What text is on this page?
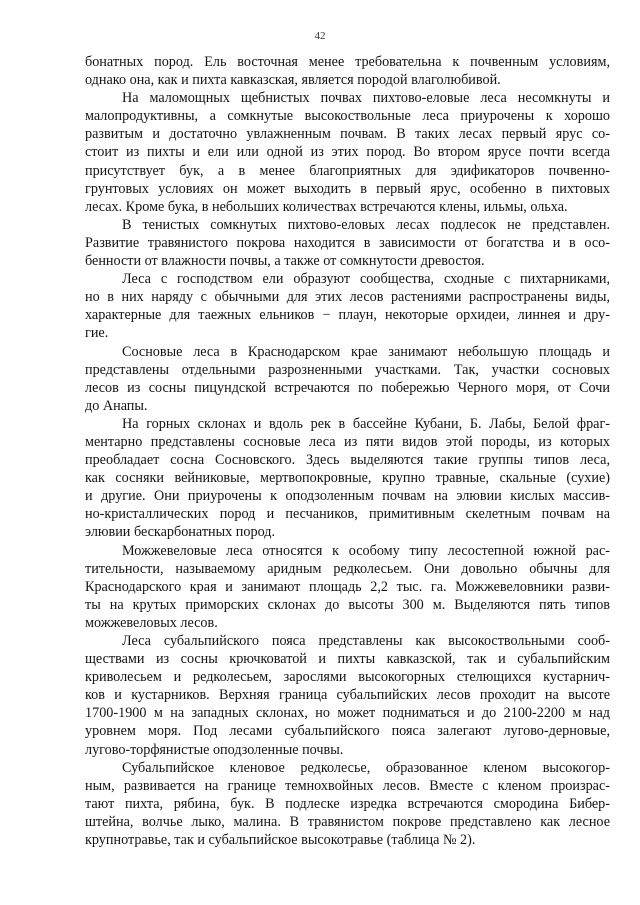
42
бонатных пород. Ель восточная менее требовательна к почвенным условиям,
однако она, как и пихта кавказская, является породой влаголюбивой.
На маломощных щебнистых почвах пихтово-еловые леса несомкнуты и
малопродуктивны, а сомкнутые высокоствольные леса приурочены к хорошо
развитым и достаточно увлажненным почвам. В таких лесах первый ярус со-
стоит из пихты и ели или одной из этих пород. Во втором ярусе почти всегда
присутствует бук, а в менее благоприятных для эдификаторов почвенно-
грунтовых условиях он может выходить в первый ярус, особенно в пихтовых
лесах. Кроме бука, в небольших количествах встречаются клены, ильмы, ольха.
В тенистых сомкнутых пихтово-еловых лесах подлесок не представлен.
Развитие травянистого покрова находится в зависимости от богатства и в осо-
бенности от влажности почвы, а также от сомкнутости древостоя.
Леса с господством ели образуют сообщества, сходные с пихтарниками,
но в них наряду с обычными для этих лесов растениями распространены виды,
характерные для таежных ельников − плаун, некоторые орхидеи, линнея и дру-
гие.
Сосновые леса в Краснодарском крае занимают небольшую площадь и
представлены отдельными разрозненными участками. Так, участки сосновых
лесов из сосны пицундской встречаются по побережью Черного моря, от Сочи
до Анапы.
На горных склонах и вдоль рек в бассейне Кубани, Б. Лабы, Белой фраг-
ментарно представлены сосновые леса из пяти видов этой породы, из которых
преобладает сосна Сосновского. Здесь выделяются такие группы типов леса,
как сосняки вейниковые, мертвопокровные, крупно травные, скальные (сухие)
и другие. Они приурочены к оподзоленным почвам на элювии кислых массив-
но-кристаллических пород и песчаников, примитивным скелетным почвам на
элювии бескарбонатных пород.
Можжевеловые леса относятся к особому типу лесостепной южной рас-
тительности, называемому аридным редколесьем. Они довольно обычны для
Краснодарского края и занимают площадь 2,2 тыс. га. Можжевеловники разви-
ты на крутых приморских склонах до высоты 300 м. Выделяются пять типов
можжевеловых лесов.
Леса субальпийского пояса представлены как высокоствольными сооб-
ществами из сосны крючковатой и пихты кавказской, так и субальпийским
криволесьем и редколесьем, зарослями высокогорных стелющихся кустарнич-
ков и кустарников. Верхняя граница субальпийских лесов проходит на высоте
1700-1900 м на западных склонах, но может подниматься и до 2100-2200 м над
уровнем моря. Под лесами субальпийского пояса залегают лугово-дерновые,
лугово-торфянистые оподзоленные почвы.
Субальпийское кленовое редколесье, образованное кленом высокогор-
ным, развивается на границе темнохвойных лесов. Вместе с кленом произрас-
тают пихта, рябина, бук. В подлеске изредка встречаются смородина Бибер-
штейна, волчье лыко, малина. В травянистом покрове представлено как лесное
крупнотравье, так и субальпийское высокотравье (таблица № 2).
